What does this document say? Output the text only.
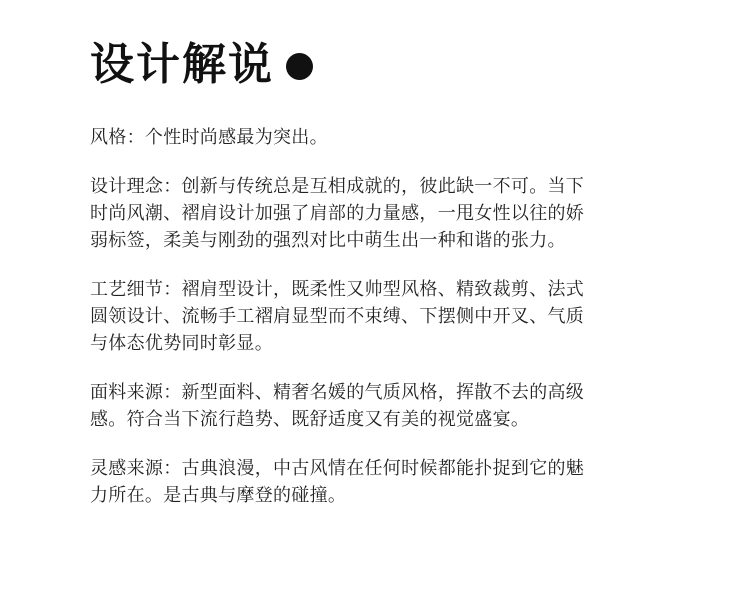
设计解说

风格：个性时尚感最为突出。

设计理念：创新与传统总是互相成就的，彼此缺一不可。当下
时尚风潮、褶肩设计加强了肩部的力量感，一甩女性以往的娇
弱标签，柔美与刚劲的强烈对比中萌生出一种和谐的张力。

工艺细节：褶肩型设计，既柔性又帅型风格、精致裁剪、法式
圆领设计、流畅手工褶肩显型而不束缚、下摆侧中开叉、气质
与体态优势同时彰显。

面料来源：新型面料、精奢名媛的气质风格，挥散不去的高级
感。符合当下流行趋势、既舒适度又有美的视觉盛宴。

灵感来源：古典浪漫，中古风情在任何时候都能扑捉到它的魅
力所在。是古典与摩登的碰撞。
